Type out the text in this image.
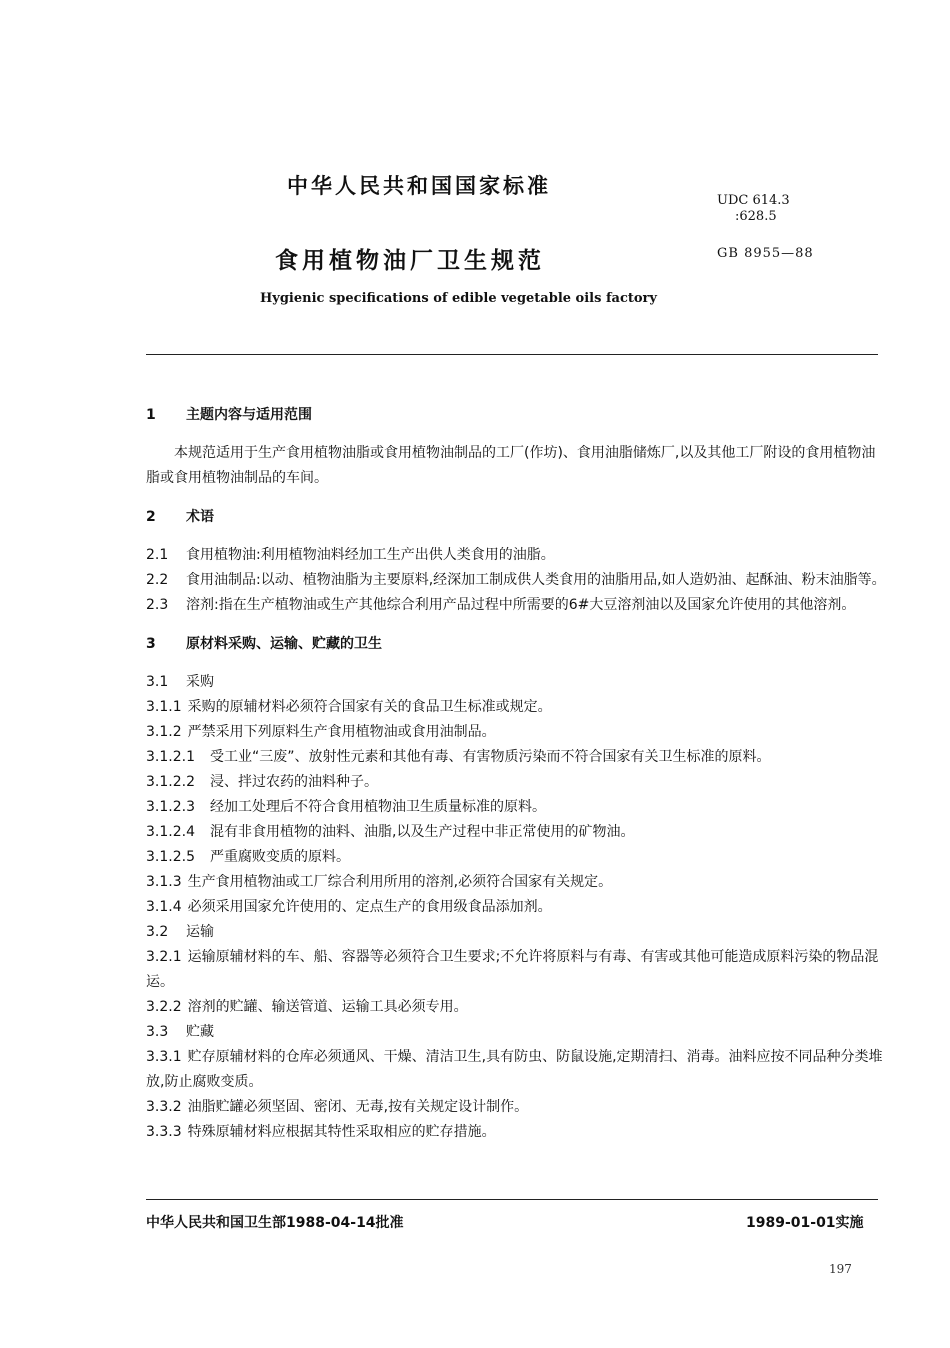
中华人民共和国国家标准
UDC 614.3
:628.5
食用植物油厂卫生规范	GB 8955—88
Hygienic specifications of edible vegetable oils factory

1 主题内容与适用范围

本规范适用于生产食用植物油脂或食用植物油制品的工厂(作坊)、食用油脂储炼厂,以及其他工厂附设的食用植物油脂或食用植物油制品的车间。

2 术语

2.1 食用植物油:利用植物油料经加工生产出供人类食用的油脂。

2.2 食用油制品:以动、植物油脂为主要原料,经深加工制成供人类食用的油脂用品,如人造奶油、起酥油、粉末油脂等。

2.3 溶剂:指在生产植物油或生产其他综合利用产品过程中所需要的6#大豆溶剂油以及国家允许使用的其他溶剂。

3 原材料采购、运输、贮藏的卫生

3.1 采购

3.1.1 采购的原辅材料必须符合国家有关的食品卫生标准或规定。

3.1.2 严禁采用下列原料生产食用植物油或食用油制品。

3.1.2.1 受工业“三废”、放射性元素和其他有毒、有害物质污染而不符合国家有关卫生标准的原料。

3.1.2.2 浸、拌过农药的油料种子。

3.1.2.3 经加工处理后不符合食用植物油卫生质量标准的原料。

3.1.2.4 混有非食用植物的油料、油脂,以及生产过程中非正常使用的矿物油。

3.1.2.5 严重腐败变质的原料。

3.1.3 生产食用植物油或工厂综合利用所用的溶剂,必须符合国家有关规定。

3.1.4 必须采用国家允许使用的、定点生产的食用级食品添加剂。

3.2 运输

3.2.1 运输原辅材料的车、船、容器等必须符合卫生要求;不允许将原料与有毒、有害或其他可能造成原料污染的物品混运。

3.2.2 溶剂的贮罐、输送管道、运输工具必须专用。

3.3 贮藏

3.3.1 贮存原辅材料的仓库必须通风、干燥、清洁卫生,具有防虫、防鼠设施,定期清扫、消毒。油料应按不同品种分类堆放,防止腐败变质。

3.3.2 油脂贮罐必须坚固、密闭、无毒,按有关规定设计制作。

3.3.3 特殊原辅材料应根据其特性采取相应的贮存措施。

中华人民共和国卫生部1988-04-14批准	1989-01-01实施
197
